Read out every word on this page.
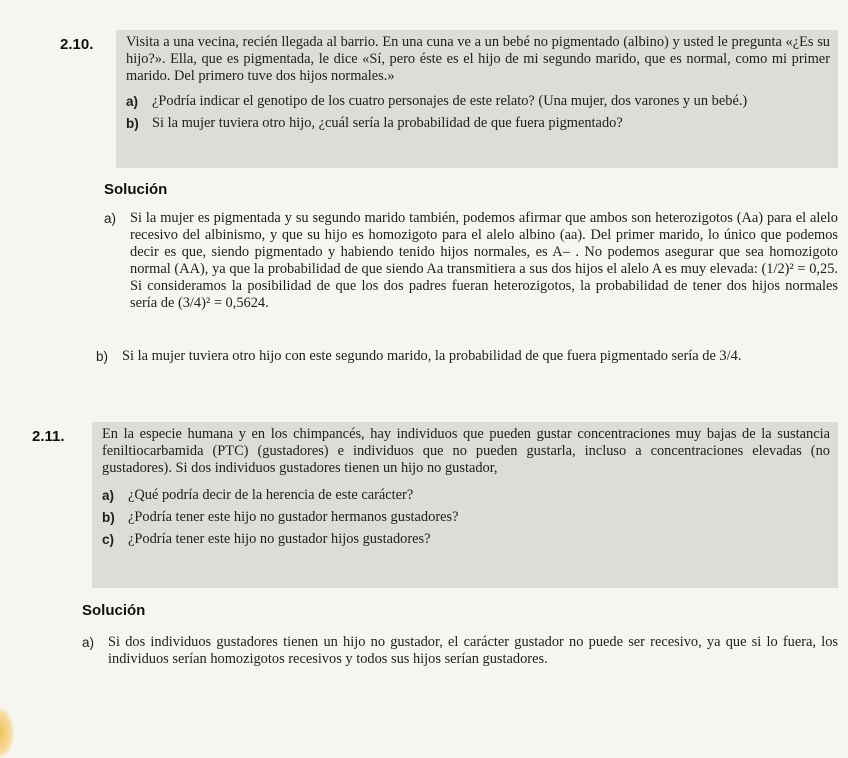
2.10. Visita a una vecina, recién llegada al barrio. En una cuna ve a un bebé no pigmentado (albino) y usted le pregunta «¿Es su hijo?». Ella, que es pigmentada, le dice «Sí, pero éste es el hijo de mi segundo marido, que es normal, como mi primer marido. Del primero tuve dos hijos normales.»

a) ¿Podría indicar el genotipo de los cuatro personajes de este relato? (Una mujer, dos varones y un bebé.)
b) Si la mujer tuviera otro hijo, ¿cuál sería la probabilidad de que fuera pigmentado?
Solución
a) Si la mujer es pigmentada y su segundo marido también, podemos afirmar que ambos son heterozigotos (Aa) para el alelo recesivo del albinismo, y que su hijo es homozigoto para el alelo albino (aa). Del primer marido, lo único que podemos decir es que, siendo pigmentado y habiendo tenido hijos normales, es A– . No podemos asegurar que sea homozigoto normal (AA), ya que la probabilidad de que siendo Aa transmitiera a sus dos hijos el alelo A es muy elevada: (1/2)² = 0,25. Si consideramos la posibilidad de que los dos padres fueran heterozigotos, la probabilidad de tener dos hijos normales sería de (3/4)² = 0,5624.
b) Si la mujer tuviera otro hijo con este segundo marido, la probabilidad de que fuera pigmentado sería de 3/4.
2.11.	En la especie humana y en los chimpancés, hay individuos que pueden gustar concentraciones muy bajas de la sustancia feniltiocarbamida (PTC) (gustadores) e individuos que no pueden gustarla, incluso a concentraciones elevadas (no gustadores). Si dos individuos gustadores tienen un hijo no gustador,

a) ¿Qué podría decir de la herencia de este carácter?
b) ¿Podría tener este hijo no gustador hermanos gustadores?
c) ¿Podría tener este hijo no gustador hijos gustadores?
Solución
a) Si dos individuos gustadores tienen un hijo no gustador, el carácter gustador no puede ser recesivo, ya que si lo fuera, los individuos serían homozigotos recesivos y todos sus hijos serían gustadores.
